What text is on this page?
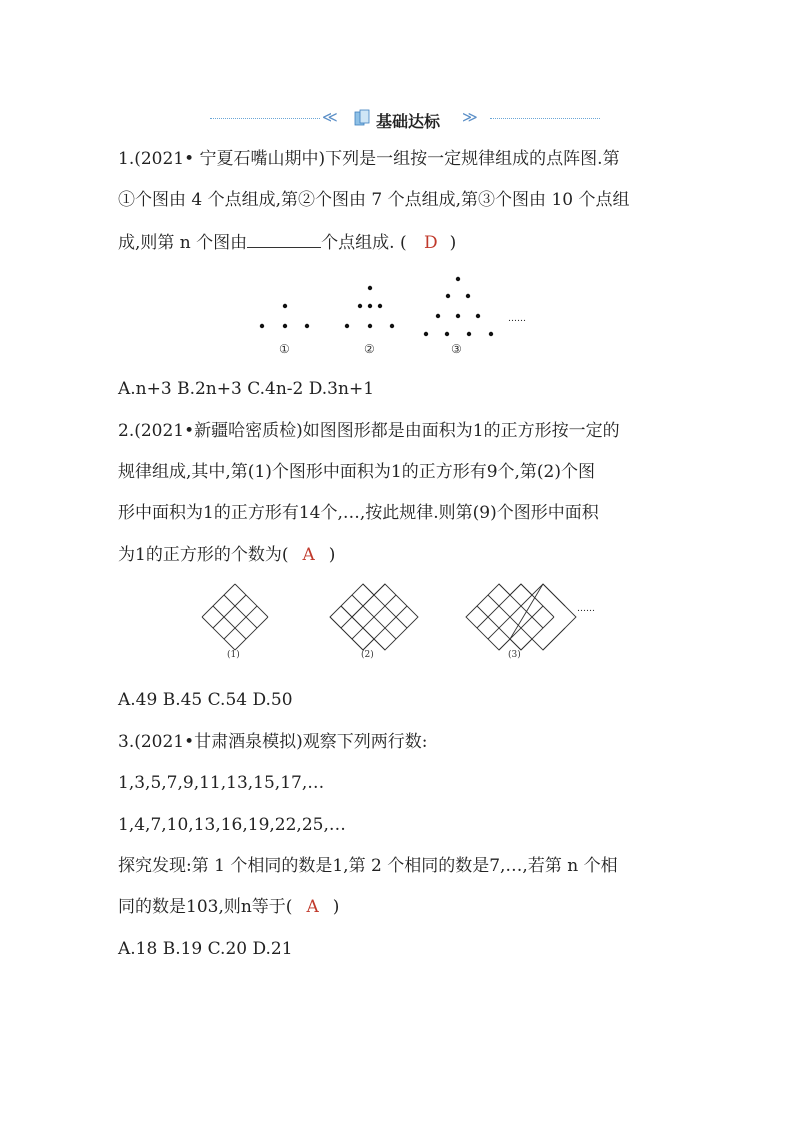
≪ 基础达标 ≫
1.(2021• 宁夏石嘴山期中)下列是一组按一定规律组成的点阵图.第
①个图由 4 个点组成,第②个图由 7 个点组成,第③个图由 10 个点组
成,则第 n 个图由	个点组成. ( D )
……
①	②	③
A.n+3 B.2n+3 C.4n-2 D.3n+1
2.(2021•新疆哈密质检)如图图形都是由面积为1的正方形按一定的
规律组成,其中,第(1)个图形中面积为1的正方形有9个,第(2)个图
形中面积为1的正方形有14个,…,按此规律.则第(9)个图形中面积
为1的正方形的个数为( A )
……
(1)	(2)	(3)
A.49 B.45 C.54 D.50
3.(2021•甘肃酒泉模拟)观察下列两行数:
1,3,5,7,9,11,13,15,17,…
1,4,7,10,13,16,19,22,25,…
探究发现:第 1 个相同的数是1,第 2 个相同的数是7,…,若第 n 个相
同的数是103,则n等于( A )
A.18 B.19 C.20 D.21
